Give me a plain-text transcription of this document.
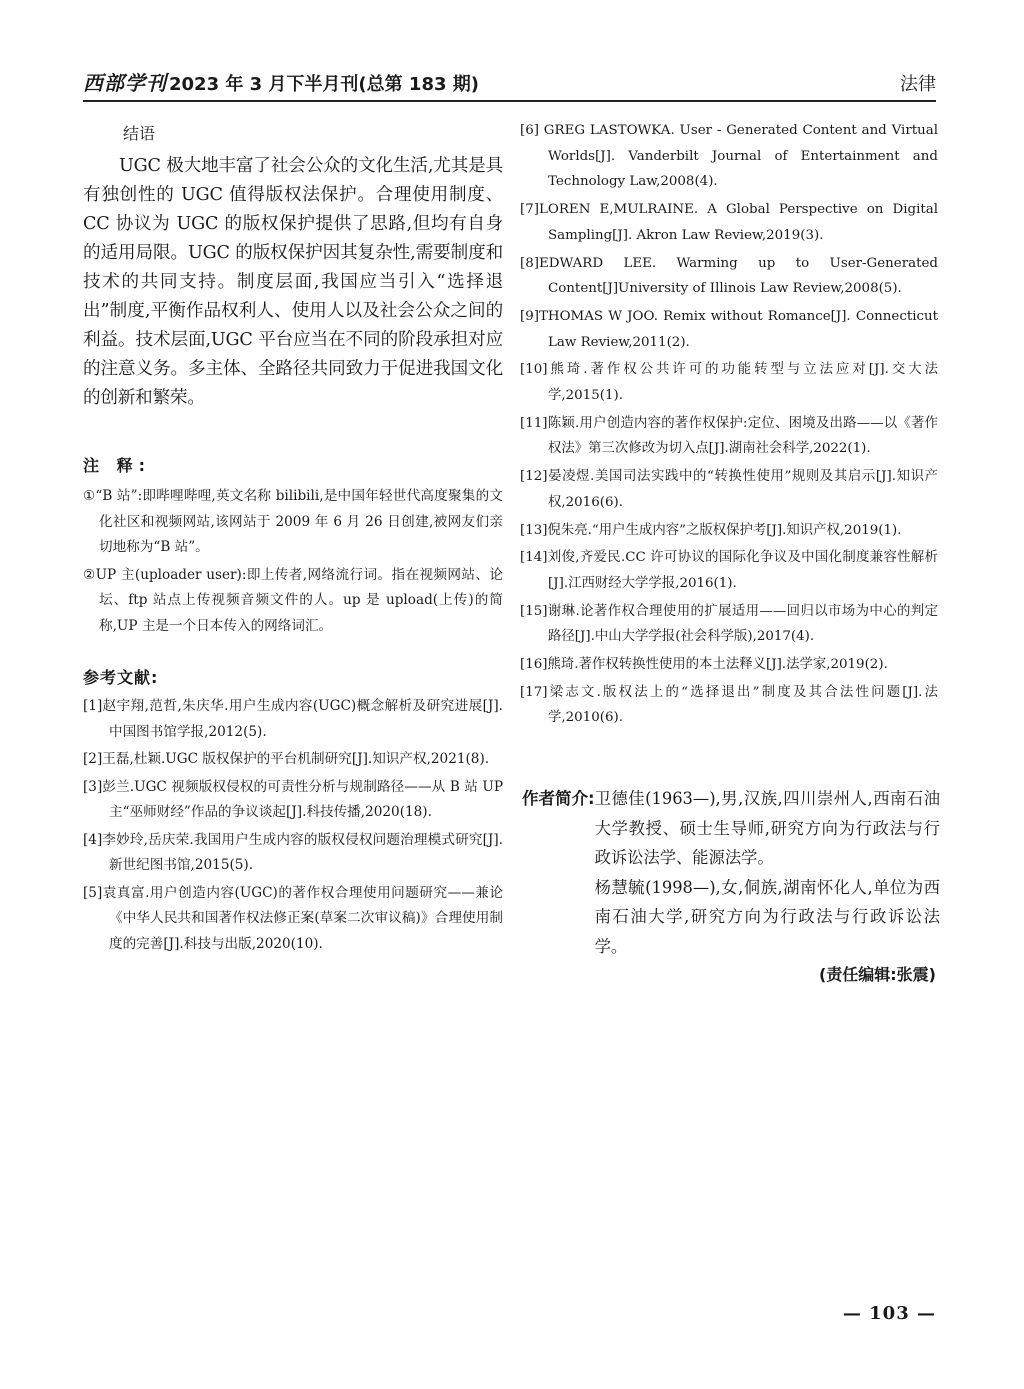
西部学刊 2023 年 3 月下半月刊(总第 183 期)	法律
结语

UGC 极大地丰富了社会公众的文化生活,尤其是具有独创性的 UGC 值得版权法保护。合理使用制度、CC 协议为 UGC 的版权保护提供了思路,但均有自身的适用局限。UGC 的版权保护因其复杂性,需要制度和技术的共同支持。制度层面,我国应当引入“选择退出”制度,平衡作品权利人、使用人以及社会公众之间的利益。技术层面,UGC 平台应当在不同的阶段承担对应的注意义务。多主体、全路径共同致力于促进我国文化的创新和繁荣。

注 释:

①“B 站”:即哔哩哔哩,英文名称 bilibili,是中国年轻世代高度聚集的文化社区和视频网站,该网站于 2009 年 6 月 26 日创建,被网友们亲切地称为“B 站”。

②UP 主(uploader user):即上传者,网络流行词。指在视频网站、论坛、ftp 站点上传视频音频文件的人。up 是 upload(上传)的简称,UP 主是一个日本传入的网络词汇。

参考文献:

[1]赵宇翔,范哲,朱庆华.用户生成内容(UGC)概念解析及研究进展[J].中国图书馆学报,2012(5).

[2]王磊,杜颖.UGC 版权保护的平台机制研究[J].知识产权,2021(8).

[3]彭兰.UGC 视频版权侵权的可责性分析与规制路径——从 B 站 UP 主“巫师财经”作品的争议谈起[J].科技传播,2020(18).

[4]李妙玲,岳庆荣.我国用户生成内容的版权侵权问题治理模式研究[J].新世纪图书馆,2015(5).

[5]袁真富.用户创造内容(UGC)的著作权合理使用问题研究——兼论《中华人民共和国著作权法修正案(草案二次审议稿)》合理使用制度的完善[J].科技与出版,2020(10).

[6] GREG LASTOWKA. User - Generated Content and Virtual Worlds[J]. Vanderbilt Journal of Entertainment and Technology Law,2008(4).

[7]LOREN E,MULRAINE. A Global Perspective on Digital Sampling[J]. Akron Law Review,2019(3).

[8]EDWARD LEE. Warming up to User-Generated Content[J]University of Illinois Law Review,2008(5).

[9]THOMAS W JOO. Remix without Romance[J]. Connecticut Law Review,2011(2).

[10]熊琦.著作权公共许可的功能转型与立法应对[J].交大法学,2015(1).

[11]陈颖.用户创造内容的著作权保护:定位、困境及出路——以《著作权法》第三次修改为切入点[J].湖南社会科学,2022(1).

[12]晏凌煜.美国司法实践中的“转换性使用”规则及其启示[J].知识产权,2016(6).

[13]倪朱亮.“用户生成内容”之版权保护考[J].知识产权,2019(1).

[14]刘俊,齐爱民.CC 许可协议的国际化争议及中国化制度兼容性解析[J].江西财经大学学报,2016(1).

[15]谢琳.论著作权合理使用的扩展适用——回归以市场为中心的判定路径[J].中山大学学报(社会科学版),2017(4).

[16]熊琦.著作权转换性使用的本土法释义[J].法学家,2019(2).

[17]梁志文.版权法上的“选择退出”制度及其合法性问题[J].法学,2010(6).

作者简介: 卫德佳(1963—),男,汉族,四川崇州人,西南石油大学教授、硕士生导师,研究方向为行政法与行政诉讼法学、能源法学。

杨慧毓(1998—),女,侗族,湖南怀化人,单位为西南石油大学,研究方向为行政法与行政诉讼法学。

(责任编辑:张震)
— 103 —
